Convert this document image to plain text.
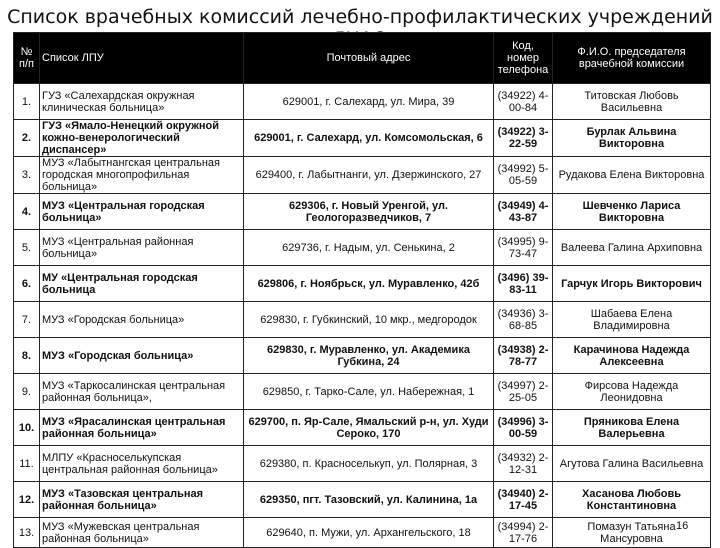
Список врачебных комиссий лечебно-профилактических учреждений
№ п/п	Список ЛПУ	Почтовый адрес	Код, номер телефона	Ф.И.О. председателя врачебной комиссии
1.	ГУЗ «Салехардская окружная клиническая больница»	629001, г. Салехард, ул. Мира, 39	(34922) 4-00-84	Титовская Любовь Васильевна
2.	ГУЗ «Ямало-Ненецкий окружной кожно-венерологический диспансер»	629001, г. Салехард, ул. Комсомольская, 6	(34922) 3-22-59	Бурлак Альвина Викторовна
3.	МУЗ «Лабытнангская центральная городская многопрофильная больница»	629400, г. Лабытнанги, ул. Дзержинского, 27	(34992) 5-05-59	Рудакова Елена Викторовна
4.	МУЗ «Центральная городская больница»	629306, г. Новый Уренгой, ул. Геологоразведчиков, 7	(34949) 4-43-87	Шевченко Лариса Викторовна
5.	МУЗ «Центральная районная больница»	629736, г. Надым, ул. Сенькина, 2	(34995) 9-73-47	Валеева Галина Архиповна
6.	МУ «Центральная городская больница	629806, г. Ноябрьск, ул. Муравленко, 42б	(3496) 39-83-11	Гарчук Игорь Викторович
7.	МУЗ «Городская больница»	629830, г. Губкинский, 10 мкр., медгородок	(34936) 3-68-85	Шабаева Елена Владимировна
8.	МУЗ «Городская больница»	629830, г. Муравленко, ул. Академика Губкина, 24	(34938) 2-78-77	Карачинова Надежда Алексеевна
9.	МУЗ «Таркосалинская центральная районная больница»,	629850, г. Тарко-Сале, ул. Набережная, 1	(34997) 2-25-05	Фирсова Надежда Леонидовна
10.	МУЗ «Ярасалинская центральная районная больница»	629700, п. Яр-Сале, Ямальский р-н, ул. Худи Сероко, 170	(34996) 3-00-59	Пряникова Елена Валерьевна
11.	МЛПУ «Красноселькупская центральная районная больница»	629380, п. Красноселькуп, ул. Полярная, 3	(34932) 2-12-31	Агутова Галина Васильевна
12.	МУЗ «Тазовская центральная районная больница»	629350, пгт. Тазовский, ул. Калинина, 1а	(34940) 2-17-45	Хасанова Любовь Константиновна
13.	МУЗ «Мужевская центральная районная больница»	629640, п. Мужи, ул. Архангельского, 18	(34994) 2-17-76	Помазун Татьяна Мансуровна
16
